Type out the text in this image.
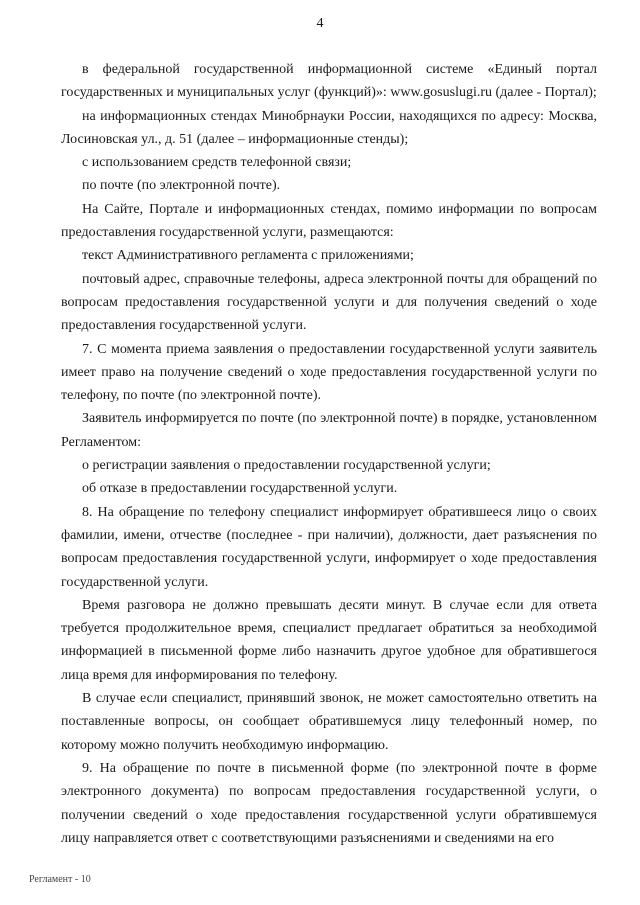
4

в федеральной государственной информационной системе «Единый портал государственных и муниципальных услуг (функций)»: www.gosuslugi.ru (далее - Портал);

на информационных стендах Минобрнауки России, находящихся по адресу: Москва, Лосиновская ул., д. 51 (далее – информационные стенды);

с использованием средств телефонной связи;

по почте (по электронной почте).

На Сайте, Портале и информационных стендах, помимо информации по вопросам предоставления государственной услуги, размещаются:

текст Административного регламента с приложениями;

почтовый адрес, справочные телефоны, адреса электронной почты для обращений по вопросам предоставления государственной услуги и для получения сведений о ходе предоставления государственной услуги.

7. С момента приема заявления о предоставлении государственной услуги заявитель имеет право на получение сведений о ходе предоставления государственной услуги по телефону, по почте (по электронной почте).

Заявитель информируется по почте (по электронной почте) в порядке, установленном Регламентом:

о регистрации заявления о предоставлении государственной услуги;

об отказе в предоставлении государственной услуги.

8. На обращение по телефону специалист информирует обратившееся лицо о своих фамилии, имени, отчестве (последнее - при наличии), должности, дает разъяснения по вопросам предоставления государственной услуги, информирует о ходе предоставления государственной услуги.

Время разговора не должно превышать десяти минут. В случае если для ответа требуется продолжительное время, специалист предлагает обратиться за необходимой информацией в письменной форме либо назначить другое удобное для обратившегося лица время для информирования по телефону.

В случае если специалист, принявший звонок, не может самостоятельно ответить на поставленные вопросы, он сообщает обратившемуся лицу телефонный номер, по которому можно получить необходимую информацию.

9. На обращение по почте в письменной форме (по электронной почте в форме электронного документа) по вопросам предоставления государственной услуги, о получении сведений о ходе предоставления государственной услуги обратившемуся лицу направляется ответ с соответствующими разъяснениями и сведениями на его

Регламент - 10
